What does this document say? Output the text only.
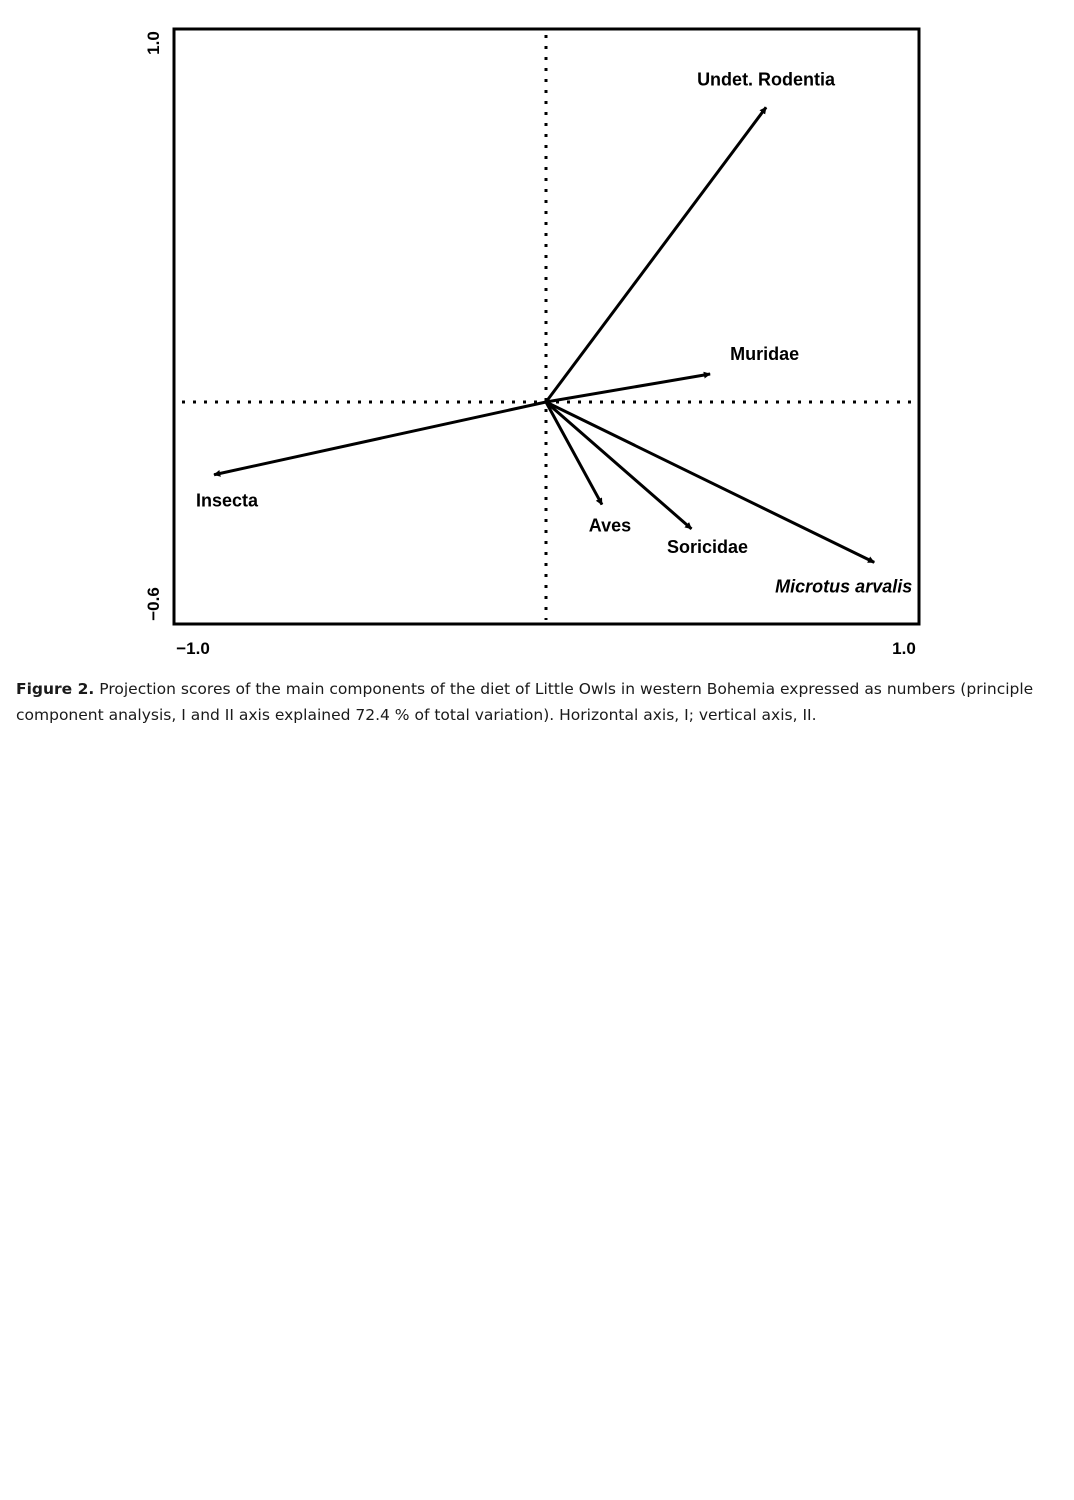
Undet. Rodentia
Muridae
Insecta
Aves
Soricidae
Microtus arvalis
−1.0	1.0
1.0
−0.6
Figure 2. Projection scores of the main components of the diet of Little Owls in western Bohemia expressed as numbers (principle component analysis, I and II axis explained 72.4 % of total variation). Horizontal axis, I; vertical axis, II.
